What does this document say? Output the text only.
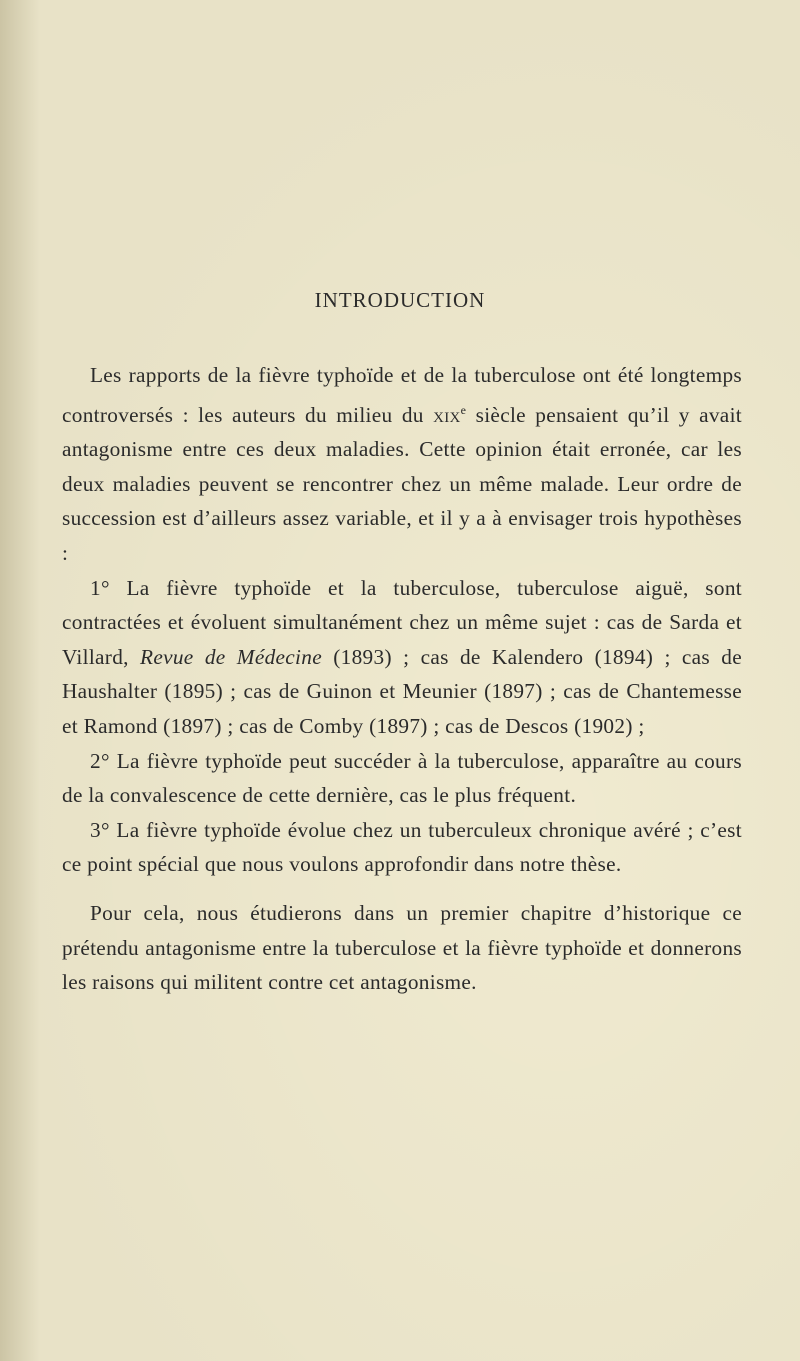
INTRODUCTION

Les rapports de la fièvre typhoïde et de la tuberculose ont été longtemps controversés : les auteurs du milieu du xix$^e$ siècle pensaient qu’il y avait antagonisme entre ces deux maladies. Cette opinion était erronée, car les deux maladies peuvent se rencontrer chez un même malade. Leur ordre de succession est d’ailleurs assez variable, et il y a à envisager trois hypothèses :

1° La fièvre typhoïde et la tuberculose, tuberculose aiguë, sont contractées et évoluent simultanément chez un même sujet : cas de Sarda et Villard, Revue de Médecine (1893) ; cas de Kalendero (1894) ; cas de Haushalter (1895) ; cas de Guinon et Meunier (1897) ; cas de Chantemesse et Ramond (1897) ; cas de Comby (1897) ; cas de Descos (1902) ;

2° La fièvre typhoïde peut succéder à la tuberculose, apparaître au cours de la convalescence de cette dernière, cas le plus fréquent.

3° La fièvre typhoïde évolue chez un tuberculeux chronique avéré ; c’est ce point spécial que nous voulons approfondir dans notre thèse.

Pour cela, nous étudierons dans un premier chapitre d’historique ce prétendu antagonisme entre la tuberculose et la fièvre typhoïde et donnerons les raisons qui militent contre cet antagonisme.
